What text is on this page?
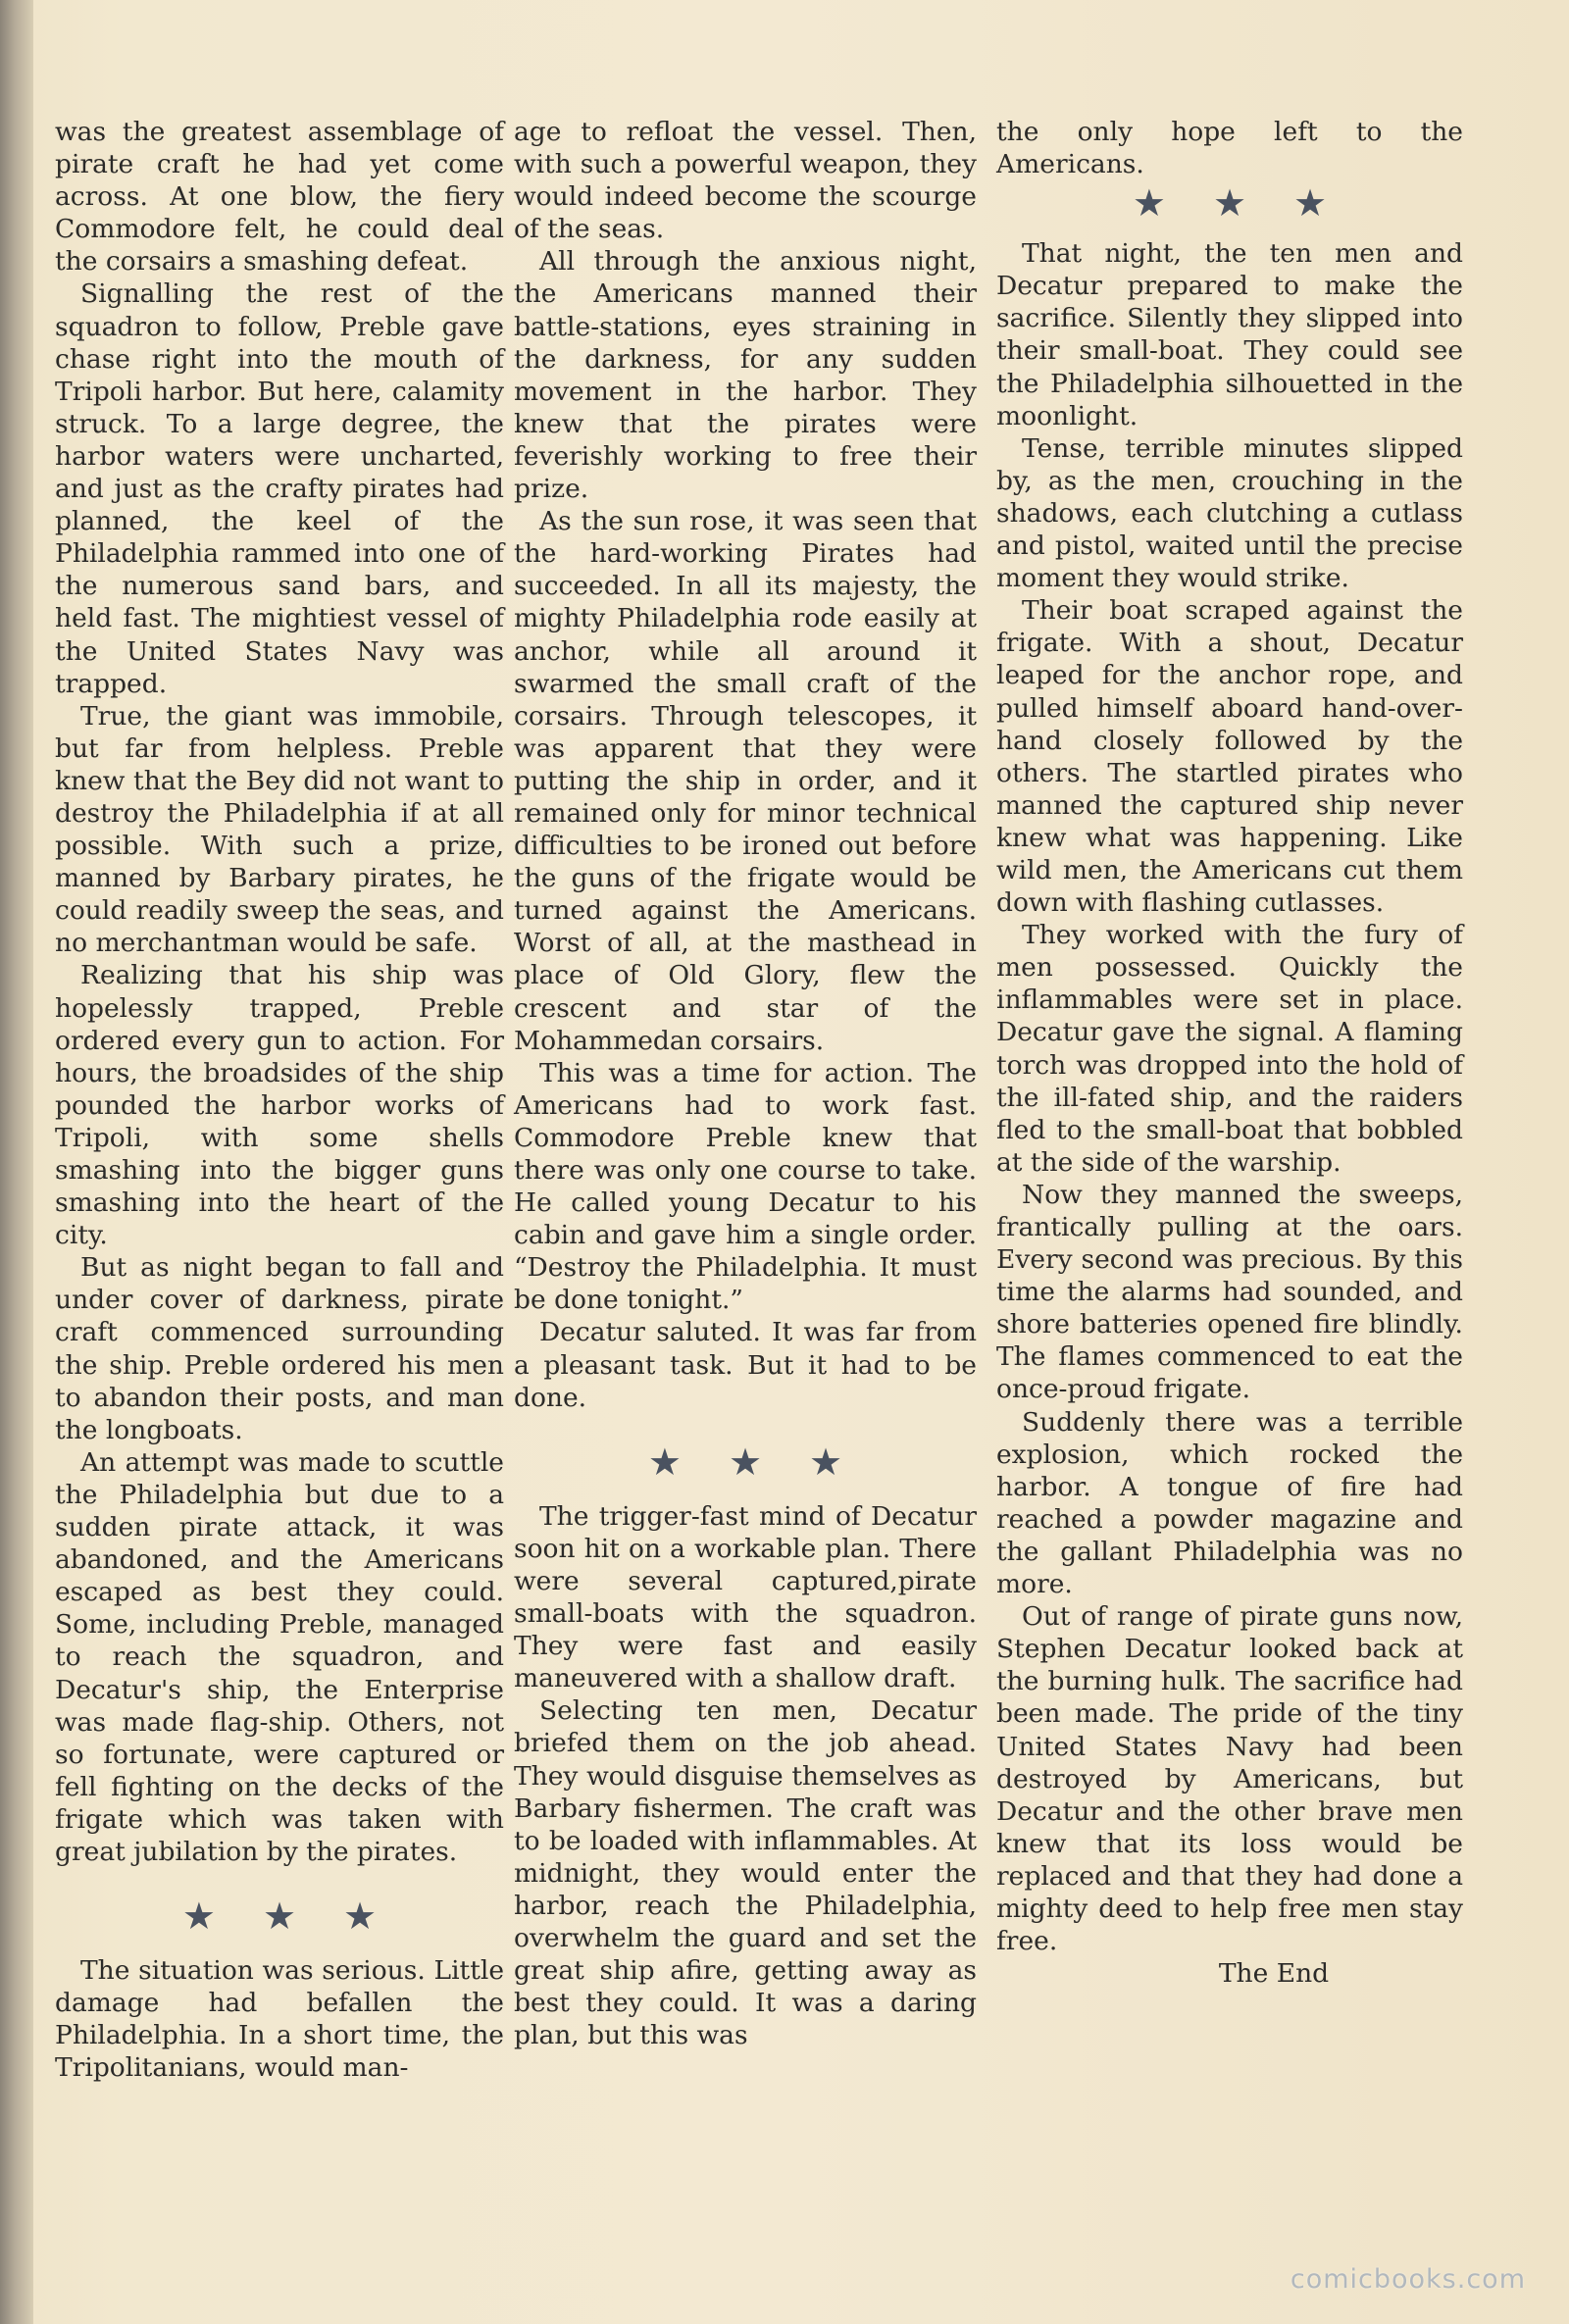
was the greatest assemblage of pirate craft he had yet come across. At one blow, the fiery Commodore felt, he could deal the corsairs a smashing defeat.

Signalling the rest of the squadron to follow, Preble gave chase right into the mouth of Tripoli harbor. But here, calamity struck. To a large degree, the harbor waters were uncharted, and just as the crafty pirates had planned, the keel of the Philadelphia rammed into one of the numerous sand bars, and held fast. The mightiest vessel of the United States Navy was trapped.

True, the giant was immobile, but far from helpless. Preble knew that the Bey did not want to destroy the Philadelphia if at all possible. With such a prize, manned by Barbary pirates, he could readily sweep the seas, and no merchantman would be safe.

Realizing that his ship was hopelessly trapped, Preble ordered every gun to action. For hours, the broadsides of the ship pounded the harbor works of Tripoli, with some shells smashing into the bigger guns smashing into the heart of the city.

But as night began to fall and under cover of darkness, pirate craft commenced surrounding the ship. Preble ordered his men to abandon their posts, and man the longboats.

An attempt was made to scuttle the Philadelphia but due to a sudden pirate attack, it was abandoned, and the Americans escaped as best they could. Some, including Preble, managed to reach the squadron, and Decatur's ship, the Enterprise was made flag-ship. Others, not so fortunate, were captured or fell fighting on the decks of the frigate which was taken with great jubilation by the pirates.

★ ★ ★

The situation was serious. Little damage had befallen the Philadelphia. In a short time, the Tripolitanians, would man-

age to refloat the vessel. Then, with such a powerful weapon, they would indeed become the scourge of the seas.

All through the anxious night, the Americans manned their battle-stations, eyes straining in the darkness, for any sudden movement in the harbor. They knew that the pirates were feverishly working to free their prize.

As the sun rose, it was seen that the hard-working Pirates had succeeded. In all its majesty, the mighty Philadelphia rode easily at anchor, while all around it swarmed the small craft of the corsairs. Through telescopes, it was apparent that they were putting the ship in order, and it remained only for minor technical difficulties to be ironed out before the guns of the frigate would be turned against the Americans. Worst of all, at the masthead in place of Old Glory, flew the crescent and star of the Mohammedan corsairs.

This was a time for action. The Americans had to work fast. Commodore Preble knew that there was only one course to take. He called young Decatur to his cabin and gave him a single order. “Destroy the Philadelphia. It must be done tonight.”

Decatur saluted. It was far from a pleasant task. But it had to be done.

★ ★ ★

The trigger-fast mind of Decatur soon hit on a workable plan. There were several captured,pirate small-boats with the squadron. They were fast and easily maneuvered with a shallow draft.

Selecting ten men, Decatur briefed them on the job ahead. They would disguise themselves as Barbary fishermen. The craft was to be loaded with inflammables. At midnight, they would enter the harbor, reach the Philadelphia, overwhelm the guard and set the great ship afire, getting away as best they could. It was a daring plan, but this was

the only hope left to the Americans.

★ ★ ★

That night, the ten men and Decatur prepared to make the sacrifice. Silently they slipped into their small-boat. They could see the Philadelphia silhouetted in the moonlight.

Tense, terrible minutes slipped by, as the men, crouching in the shadows, each clutching a cutlass and pistol, waited until the precise moment they would strike.

Their boat scraped against the frigate. With a shout, Decatur leaped for the anchor rope, and pulled himself aboard hand-over-hand closely followed by the others. The startled pirates who manned the captured ship never knew what was happening. Like wild men, the Americans cut them down with flashing cutlasses.

They worked with the fury of men possessed. Quickly the inflammables were set in place. Decatur gave the signal. A flaming torch was dropped into the hold of the ill-fated ship, and the raiders fled to the small-boat that bobbled at the side of the warship.

Now they manned the sweeps, frantically pulling at the oars. Every second was precious. By this time the alarms had sounded, and shore batteries opened fire blindly. The flames commenced to eat the once-proud frigate.

Suddenly there was a terrible explosion, which rocked the harbor. A tongue of fire had reached a powder magazine and the gallant Philadelphia was no more.

Out of range of pirate guns now, Stephen Decatur looked back at the burning hulk. The sacrifice had been made. The pride of the tiny United States Navy had been destroyed by Americans, but Decatur and the other brave men knew that its loss would be replaced and that they had done a mighty deed to help free men stay free.

The End

comicbooks.com
